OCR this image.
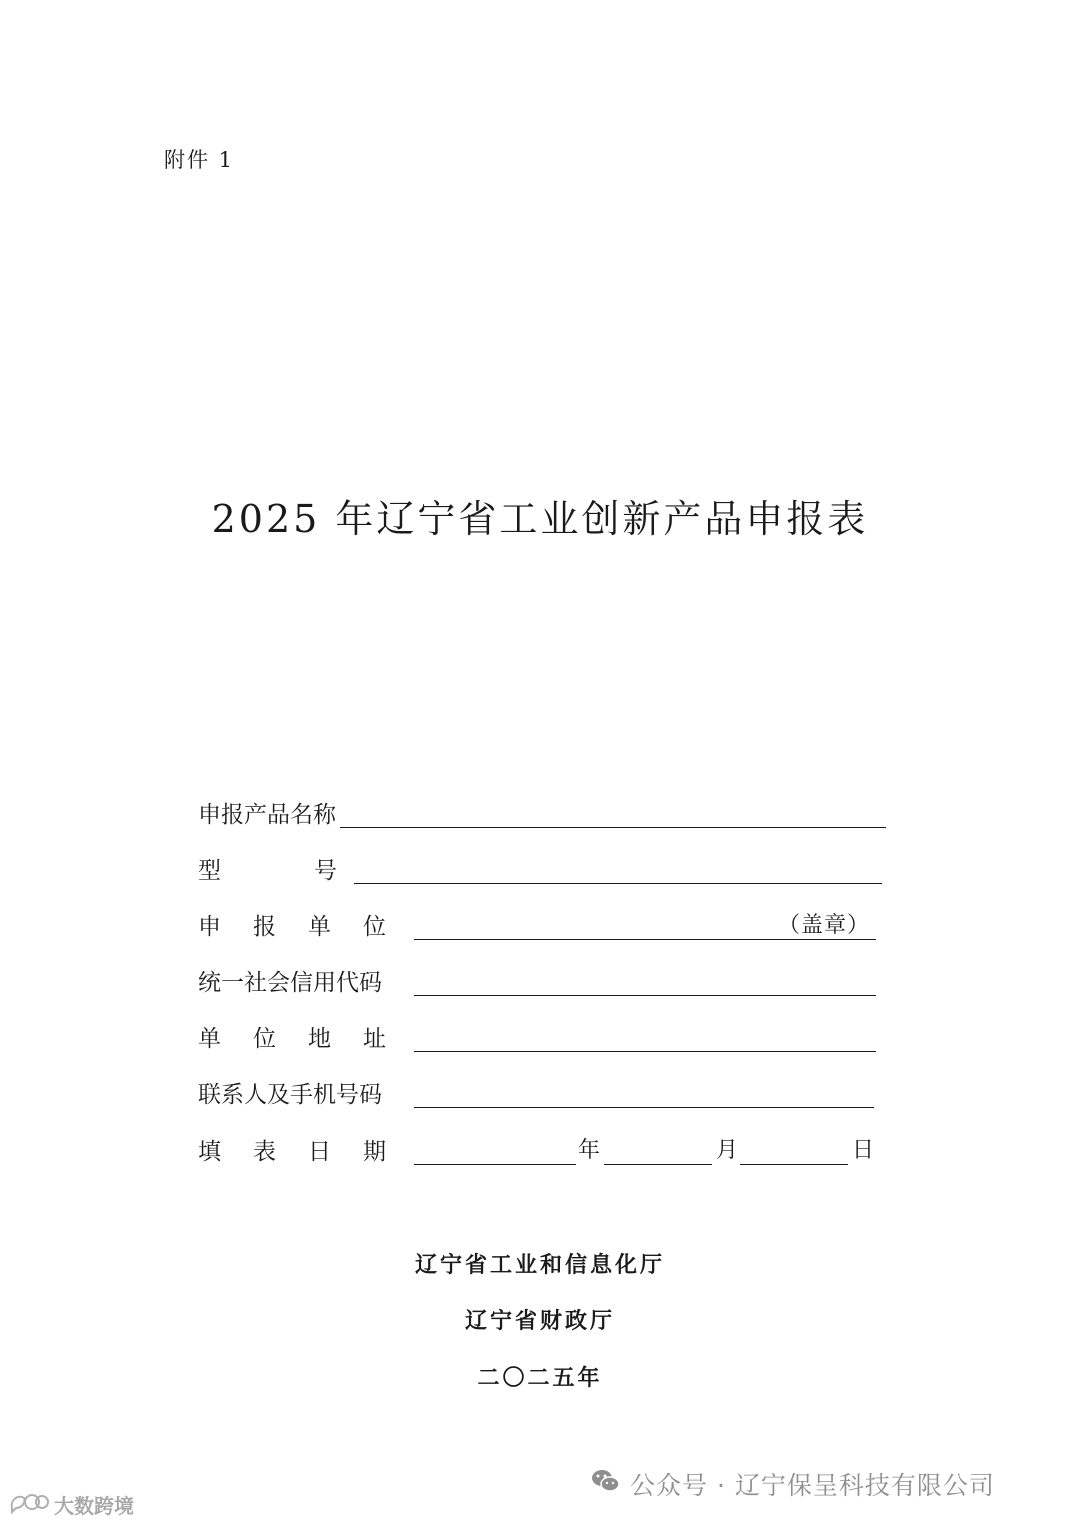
附件 1
2025 年辽宁省工业创新产品申报表
申报产品名称
型	号
申 报 单 位	（盖章）
统一社会信用代码
单 位 地 址
联系人及手机号码
填 表 日 期	年	月	日
辽宁省工业和信息化厅
辽宁省财政厅
二〇二五年
大数跨境
公众号 · 辽宁保呈科技有限公司
